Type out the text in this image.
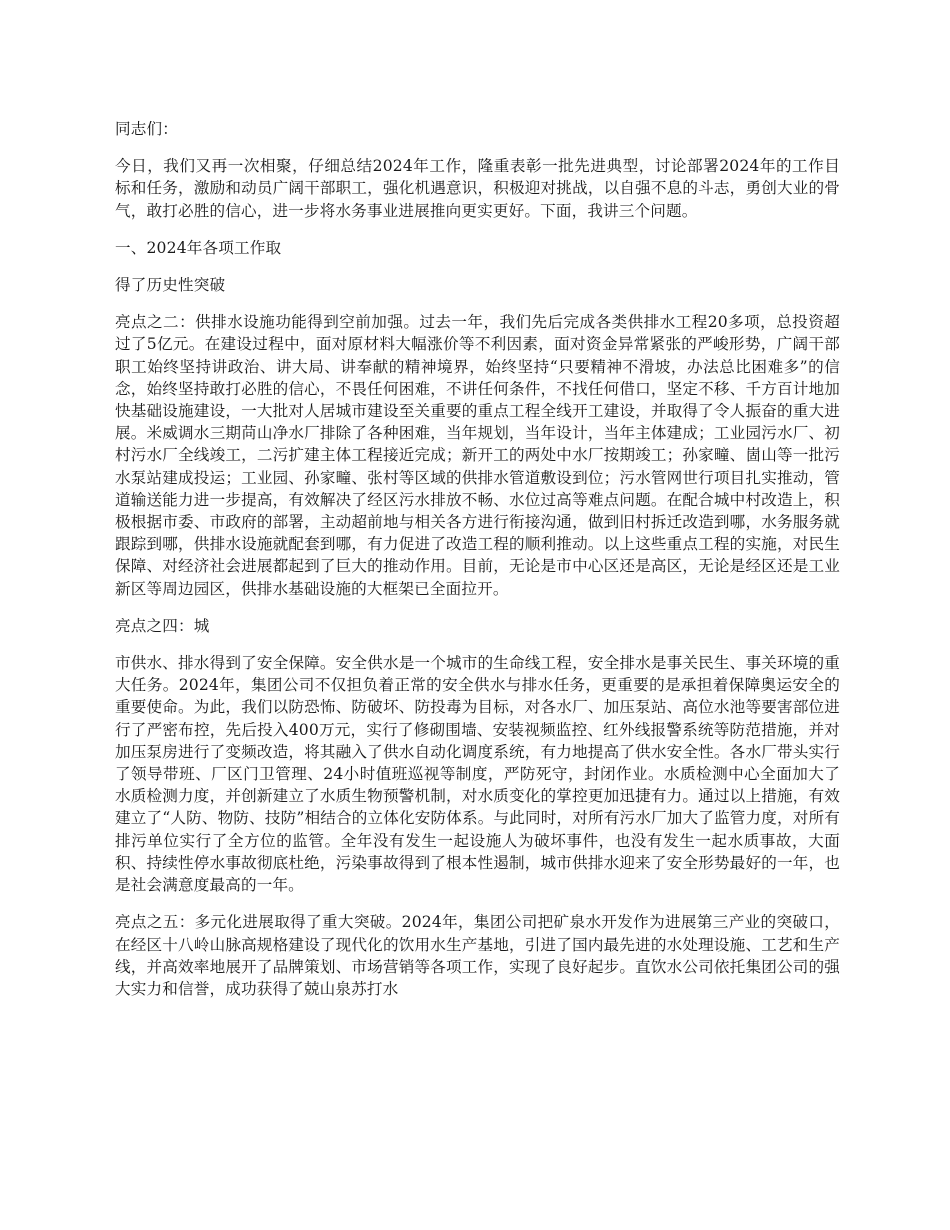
同志们：

今日，我们又再一次相聚，仔细总结2024年工作，隆重表彰一批先进典型，讨论部署2024年的工作目标和任务，激励和动员广阔干部职工，强化机遇意识，积极迎对挑战，以自强不息的斗志，勇创大业的骨气，敢打必胜的信心，进一步将水务事业进展推向更实更好。下面，我讲三个问题。

一、2024年各项工作取

得了历史性突破

亮点之二：供排水设施功能得到空前加强。过去一年，我们先后完成各类供排水工程20多项，总投资超过了5亿元。在建设过程中，面对原材料大幅涨价等不利因素，面对资金异常紧张的严峻形势，广阔干部职工始终坚持讲政治、讲大局、讲奉献的精神境界，始终坚持“只要精神不滑坡，办法总比困难多”的信念，始终坚持敢打必胜的信心，不畏任何困难，不讲任何条件，不找任何借口，坚定不移、千方百计地加快基础设施建设，一大批对人居城市建设至关重要的重点工程全线开工建设，并取得了令人振奋的重大进展。米威调水三期苘山净水厂排除了各种困难，当年规划，当年设计，当年主体建成；工业园污水厂、初村污水厂全线竣工，二污扩建主体工程接近完成；新开工的两处中水厂按期竣工；孙家疃、崮山等一批污水泵站建成投运；工业园、孙家疃、张村等区域的供排水管道敷设到位；污水管网世行项目扎实推动，管道输送能力进一步提高，有效解决了经区污水排放不畅、水位过高等难点问题。在配合城中村改造上，积极根据市委、市政府的部署，主动超前地与相关各方进行衔接沟通，做到旧村拆迁改造到哪，水务服务就跟踪到哪，供排水设施就配套到哪，有力促进了改造工程的顺利推动。以上这些重点工程的实施，对民生保障、对经济社会进展都起到了巨大的推动作用。目前，无论是市中心区还是高区，无论是经区还是工业新区等周边园区，供排水基础设施的大框架已全面拉开。

亮点之四：城

市供水、排水得到了安全保障。安全供水是一个城市的生命线工程，安全排水是事关民生、事关环境的重大任务。2024年，集团公司不仅担负着正常的安全供水与排水任务，更重要的是承担着保障奥运安全的重要使命。为此，我们以防恐怖、防破坏、防投毒为目标，对各水厂、加压泵站、高位水池等要害部位进行了严密布控，先后投入400万元，实行了修砌围墙、安装视频监控、红外线报警系统等防范措施，并对加压泵房进行了变频改造，将其融入了供水自动化调度系统，有力地提高了供水安全性。各水厂带头实行了领导带班、厂区门卫管理、24小时值班巡视等制度，严防死守，封闭作业。水质检测中心全面加大了水质检测力度，并创新建立了水质生物预警机制，对水质变化的掌控更加迅捷有力。通过以上措施，有效建立了“人防、物防、技防”相结合的立体化安防体系。与此同时，对所有污水厂加大了监管力度，对所有排污单位实行了全方位的监管。全年没有发生一起设施人为破坏事件，也没有发生一起水质事故，大面积、持续性停水事故彻底杜绝，污染事故得到了根本性遏制，城市供排水迎来了安全形势最好的一年，也是社会满意度最高的一年。

亮点之五：多元化进展取得了重大突破。2024年，集团公司把矿泉水开发作为进展第三产业的突破口，在经区十八岭山脉高规格建设了现代化的饮用水生产基地，引进了国内最先进的水处理设施、工艺和生产线，并高效率地展开了品牌策划、市场营销等各项工作，实现了良好起步。直饮水公司依托集团公司的强大实力和信誉，成功获得了兢山泉苏打水
